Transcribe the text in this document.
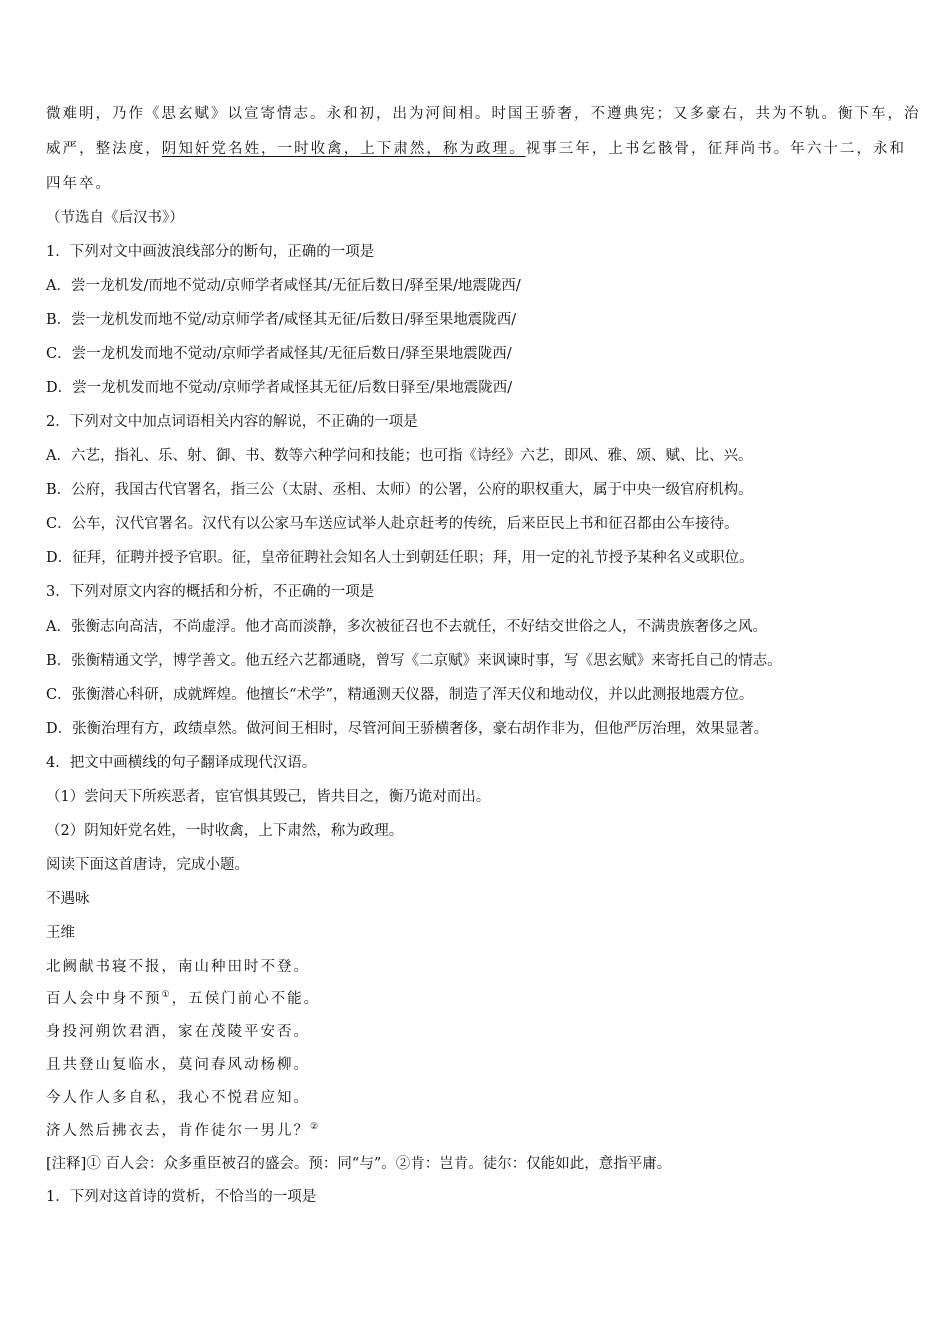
微难明，乃作《思玄赋》以宣寄情志。永和初，出为河间相。时国王骄奢，不遵典宪；又多豪右，共为不轨。衡下车，治
威严，整法度，阴知奸党名姓，一时收禽，上下肃然，称为政理。视事三年，上书乞骸骨，征拜尚书。年六十二，永和
四年卒。
（节选自《后汉书》）
1．下列对文中画波浪线部分的断句，正确的一项是
A．尝一龙机发/而地不觉动/京师学者咸怪其/无征后数日/驿至果/地震陇西/
B．尝一龙机发而地不觉/动京师学者/咸怪其无征/后数日/驿至果地震陇西/
C．尝一龙机发而地不觉动/京师学者咸怪其/无征后数日/驿至果地震陇西/
D．尝一龙机发而地不觉动/京师学者咸怪其无征/后数日驿至/果地震陇西/
2．下列对文中加点词语相关内容的解说，不正确的一项是
A．六艺，指礼、乐、射、御、书、数等六种学问和技能；也可指《诗经》六艺，即风、雅、颂、赋、比、兴。
B．公府，我国古代官署名，指三公（太尉、丞相、太师）的公署，公府的职权重大，属于中央一级官府机构。
C．公车，汉代官署名。汉代有以公家马车送应试举人赴京赶考的传统，后来臣民上书和征召都由公车接待。
D．征拜，征聘并授予官职。征，皇帝征聘社会知名人士到朝廷任职；拜，用一定的礼节授予某种名义或职位。
3．下列对原文内容的概括和分析，不正确的一项是
A．张衡志向高洁，不尚虚浮。他才高而淡静，多次被征召也不去就任，不好结交世俗之人，不满贵族奢侈之风。
B．张衡精通文学，博学善文。他五经六艺都通晓，曾写《二京赋》来讽谏时事，写《思玄赋》来寄托自己的情志。
C．张衡潜心科研，成就辉煌。他擅长“术学”，精通测天仪器，制造了浑天仪和地动仪，并以此测报地震方位。
D．张衡治理有方，政绩卓然。做河间王相时，尽管河间王骄横奢侈，豪右胡作非为，但他严厉治理，效果显著。
4．把文中画横线的句子翻译成现代汉语。
（1）尝问天下所疾恶者，宦官惧其毁己，皆共目之，衡乃诡对而出。
（2）阴知奸党名姓，一时收禽，上下肃然，称为政理。
阅读下面这首唐诗，完成小题。
不遇咏
王维
北阙献书寝不报，南山种田时不登。
百人会中身不预①，五侯门前心不能。
身投河朔饮君酒，家在茂陵平安否。
且共登山复临水，莫问春风动杨柳。
今人作人多自私，我心不悦君应知。
济人然后拂衣去，肯作徒尔一男儿？②
[注释]① 百人会：众多重臣被召的盛会。预：同“与”。②肯：岂肯。徒尔：仅能如此，意指平庸。
1．下列对这首诗的赏析，不恰当的一项是
